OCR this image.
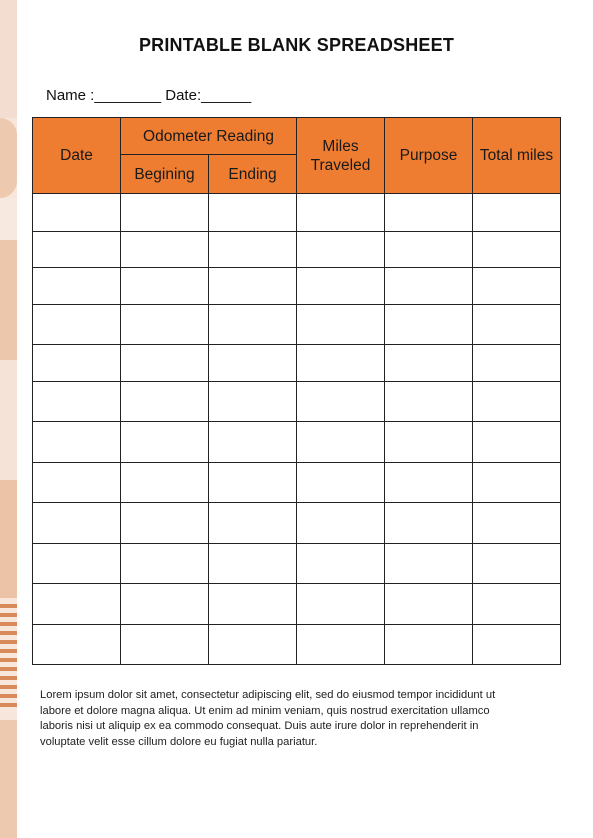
PRINTABLE BLANK SPREADSHEET
Name :________ Date:______
Date	Odometer Reading		Miles Traveled	Purpose	Total miles
	Begining	Ending			

Lorem ipsum dolor sit amet, consectetur adipiscing elit, sed do eiusmod tempor incididunt ut labore et dolore magna aliqua. Ut enim ad minim veniam, quis nostrud exercitation ullamco laboris nisi ut aliquip ex ea commodo consequat. Duis aute irure dolor in reprehenderit in voluptate velit esse cillum dolore eu fugiat nulla pariatur.
